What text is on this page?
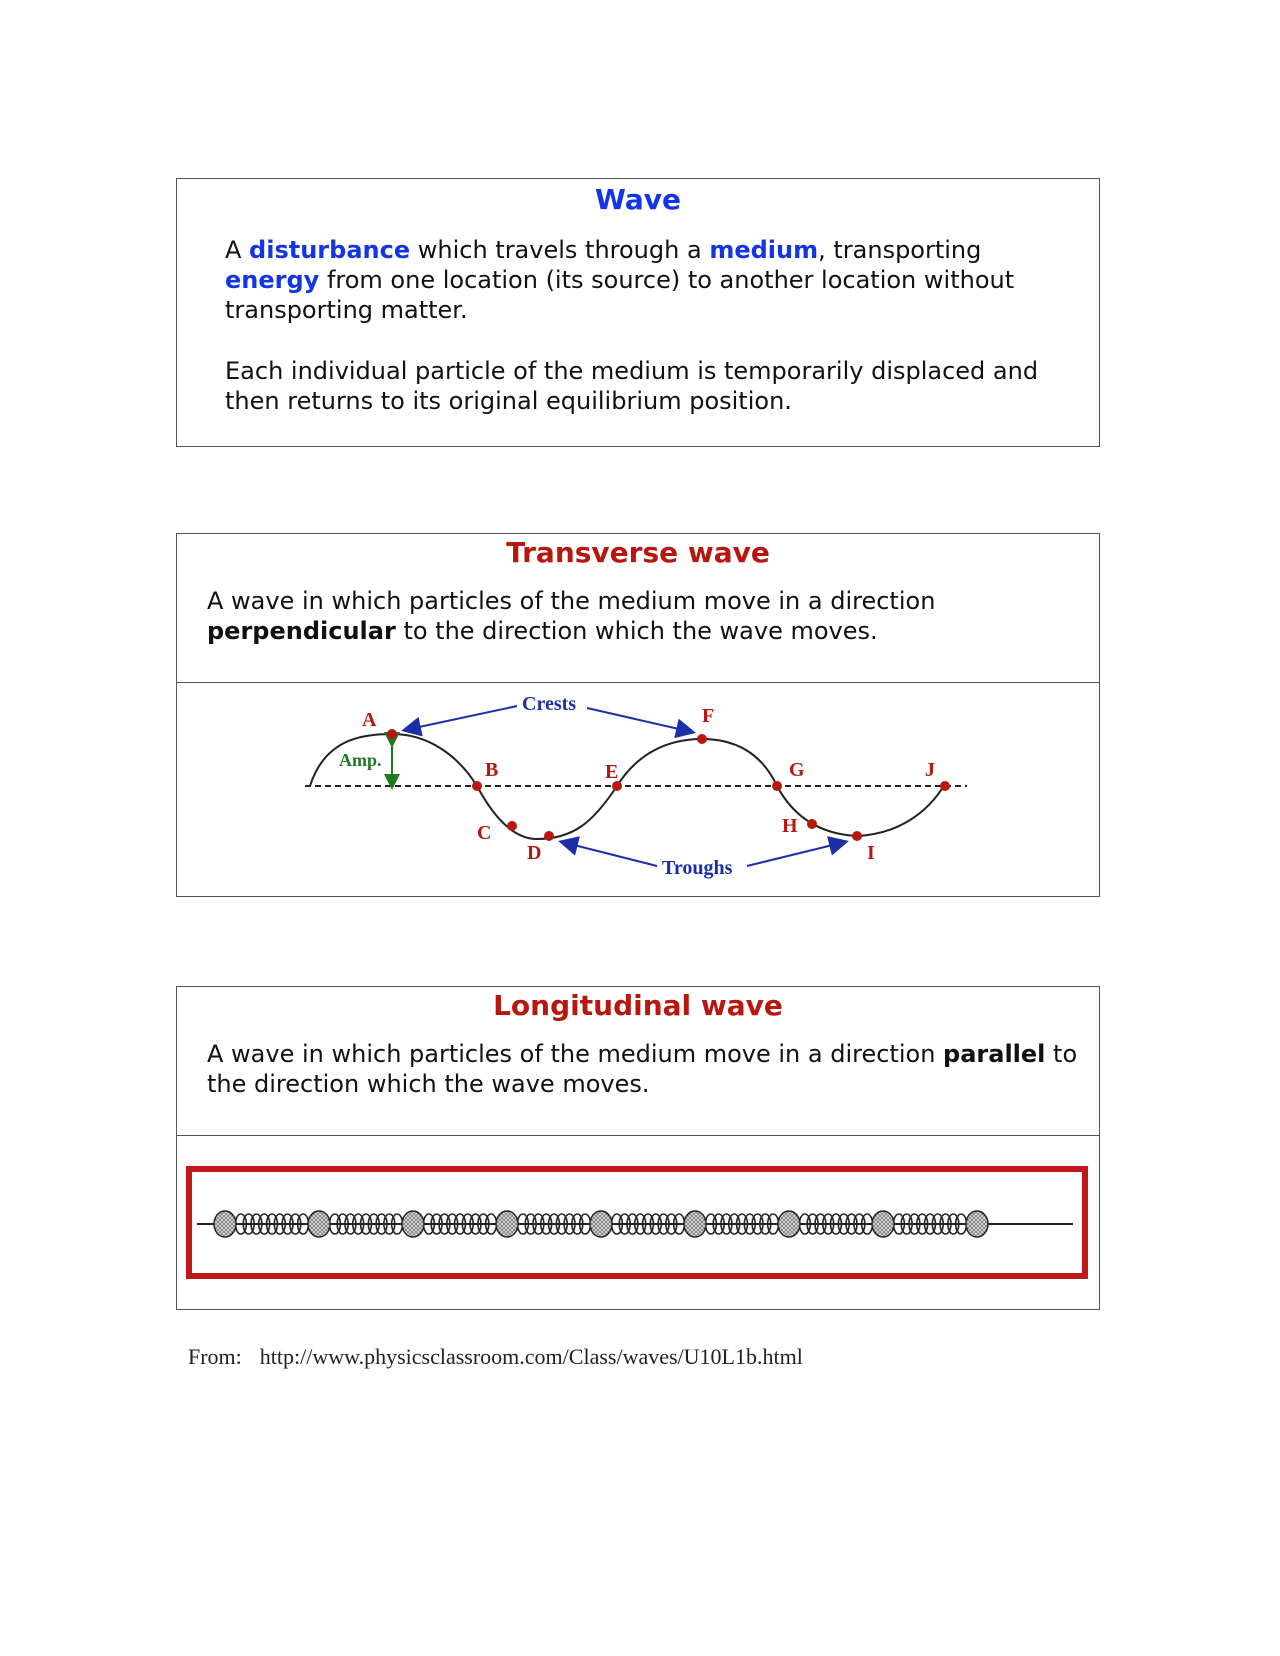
Wave

A disturbance which travels through a medium, transporting energy from one location (its source) to another location without transporting matter.

Each individual particle of the medium is temporarily displaced and then returns to its original equilibrium position.

Transverse wave

A wave in which particles of the medium move in a direction perpendicular to the direction which the wave moves.

Amp.
Crests
Troughs
A
B
C
D
E
F
G
H
I
J

Longitudinal wave

A wave in which particles of the medium move in a direction parallel to the direction which the wave moves.

From: http://www.physicsclassroom.com/Class/waves/U10L1b.html
